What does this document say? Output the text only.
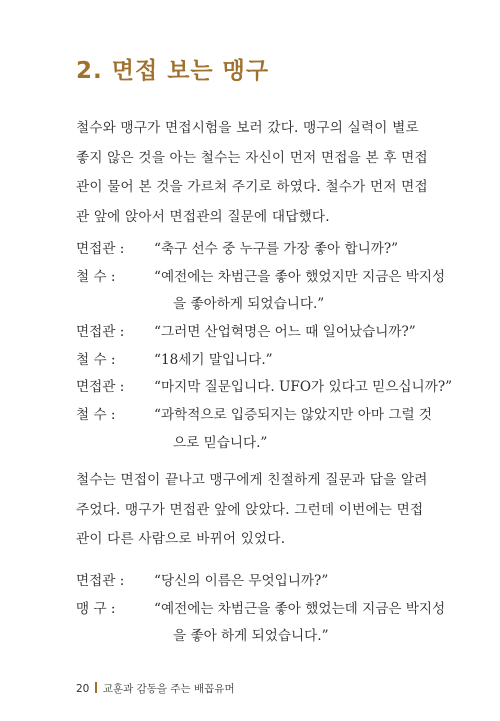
2. 면접 보는 맹구
철수와 맹구가 면접시험을 보러 갔다. 맹구의 실력이 별로
좋지 않은 것을 아는 철수는 자신이 먼저 면접을 본 후 면접
관이 물어 본 것을 가르쳐 주기로 하였다. 철수가 먼저 면접
관 앞에 앉아서 면접관의 질문에 대답했다.
면접관 :	“축구 선수 중 누구를 가장 좋아 합니까?”
철 수 :	“예전에는 차범근을 좋아 했었지만 지금은 박지성
을 좋아하게 되었습니다.”
면접관 :	“그러면 산업혁명은 어느 때 일어났습니까?”
철 수 :	“18세기 말입니다.”
면접관 :	“마지막 질문입니다. UFO가 있다고 믿으십니까?”
철 수 :	“과학적으로 입증되지는 않았지만 아마 그럴 것
으로 믿습니다.”
철수는 면접이 끝나고 맹구에게 친절하게 질문과 답을 알려
주었다. 맹구가 면접관 앞에 앉았다. 그런데 이번에는 면접
관이 다른 사람으로 바뀌어 있었다.
면접관 :	“당신의 이름은 무엇입니까?”
맹 구 :	“예전에는 차범근을 좋아 했었는데 지금은 박지성
을 좋아 하게 되었습니다.”
20 교훈과 감동을 주는 배꼽유머
